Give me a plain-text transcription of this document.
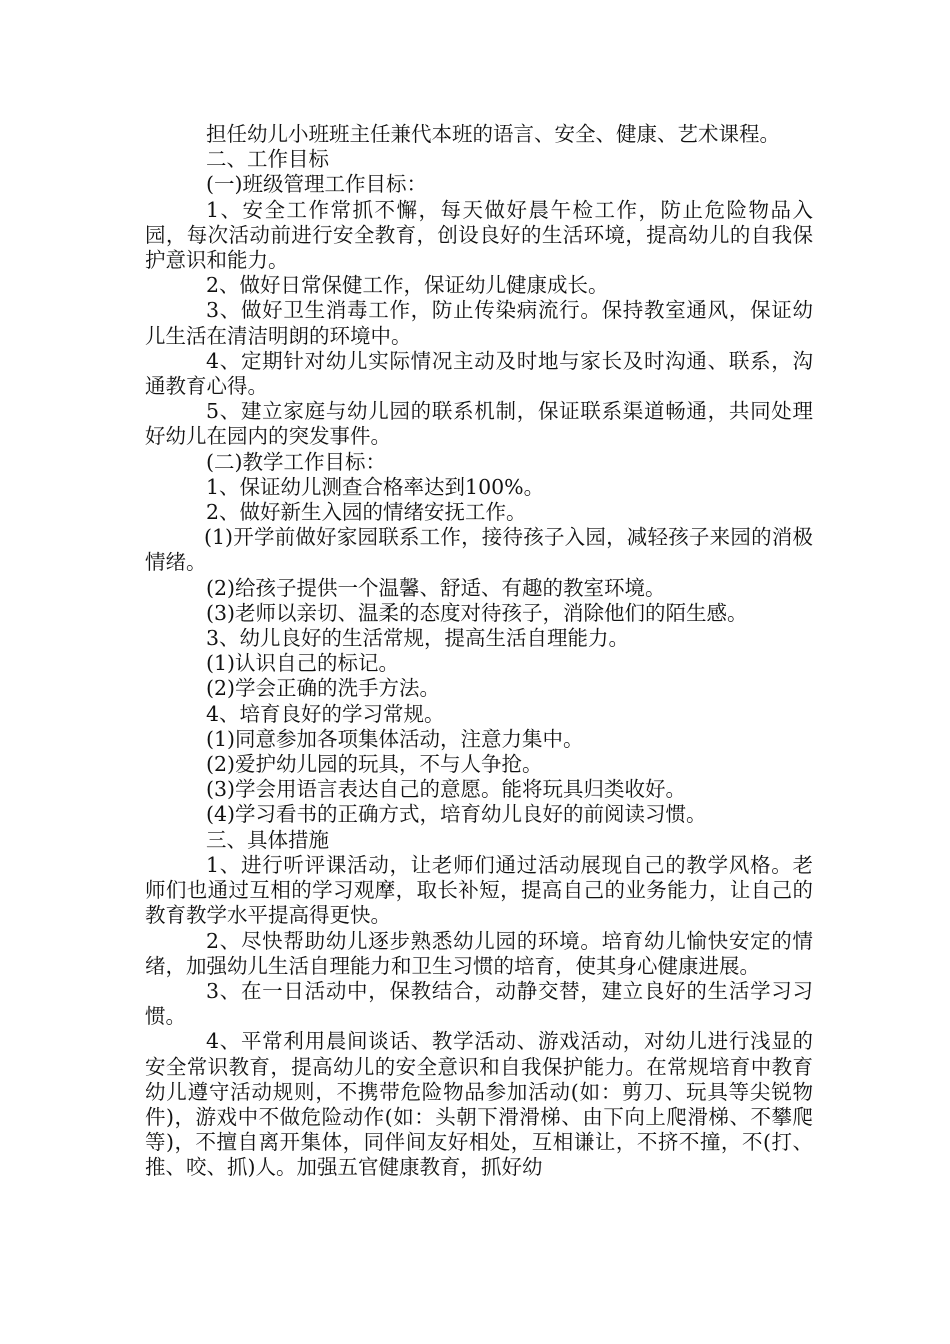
担任幼儿小班班主任兼代本班的语言、安全、健康、艺术课程。

二、工作目标

(一)班级管理工作目标：

1、安全工作常抓不懈，每天做好晨午检工作，防止危险物品入园，每次活动前进行安全教育，创设良好的生活环境，提高幼儿的自我保护意识和能力。

2、做好日常保健工作，保证幼儿健康成长。

3、做好卫生消毒工作，防止传染病流行。保持教室通风，保证幼儿生活在清洁明朗的环境中。

4、定期针对幼儿实际情况主动及时地与家长及时沟通、联系，沟通教育心得。

5、建立家庭与幼儿园的联系机制，保证联系渠道畅通，共同处理好幼儿在园内的突发事件。

(二)教学工作目标：

1、保证幼儿测查合格率达到100%。

2、做好新生入园的情绪安抚工作。

(1)开学前做好家园联系工作，接待孩子入园，减轻孩子来园的消极情绪。

(2)给孩子提供一个温馨、舒适、有趣的教室环境。

(3)老师以亲切、温柔的态度对待孩子，消除他们的陌生感。

3、幼儿良好的生活常规，提高生活自理能力。

(1)认识自己的标记。

(2)学会正确的洗手方法。

4、培育良好的学习常规。

(1)同意参加各项集体活动，注意力集中。

(2)爱护幼儿园的玩具，不与人争抢。

(3)学会用语言表达自己的意愿。能将玩具归类收好。

(4)学习看书的正确方式，培育幼儿良好的前阅读习惯。

三、具体措施

1、进行听评课活动，让老师们通过活动展现自己的教学风格。老师们也通过互相的学习观摩，取长补短，提高自己的业务能力，让自己的教育教学水平提高得更快。

2、尽快帮助幼儿逐步熟悉幼儿园的环境。培育幼儿愉快安定的情绪，加强幼儿生活自理能力和卫生习惯的培育，使其身心健康进展。

3、在一日活动中，保教结合，动静交替，建立良好的生活学习习惯。

4、平常利用晨间谈话、教学活动、游戏活动，对幼儿进行浅显的安全常识教育，提高幼儿的安全意识和自我保护能力。在常规培育中教育幼儿遵守活动规则，不携带危险物品参加活动(如：剪刀、玩具等尖锐物件)，游戏中不做危险动作(如：头朝下滑滑梯、由下向上爬滑梯、不攀爬等)，不擅自离开集体，同伴间友好相处，互相谦让，不挤不撞，不(打、推、咬、抓)人。加强五官健康教育，抓好幼
